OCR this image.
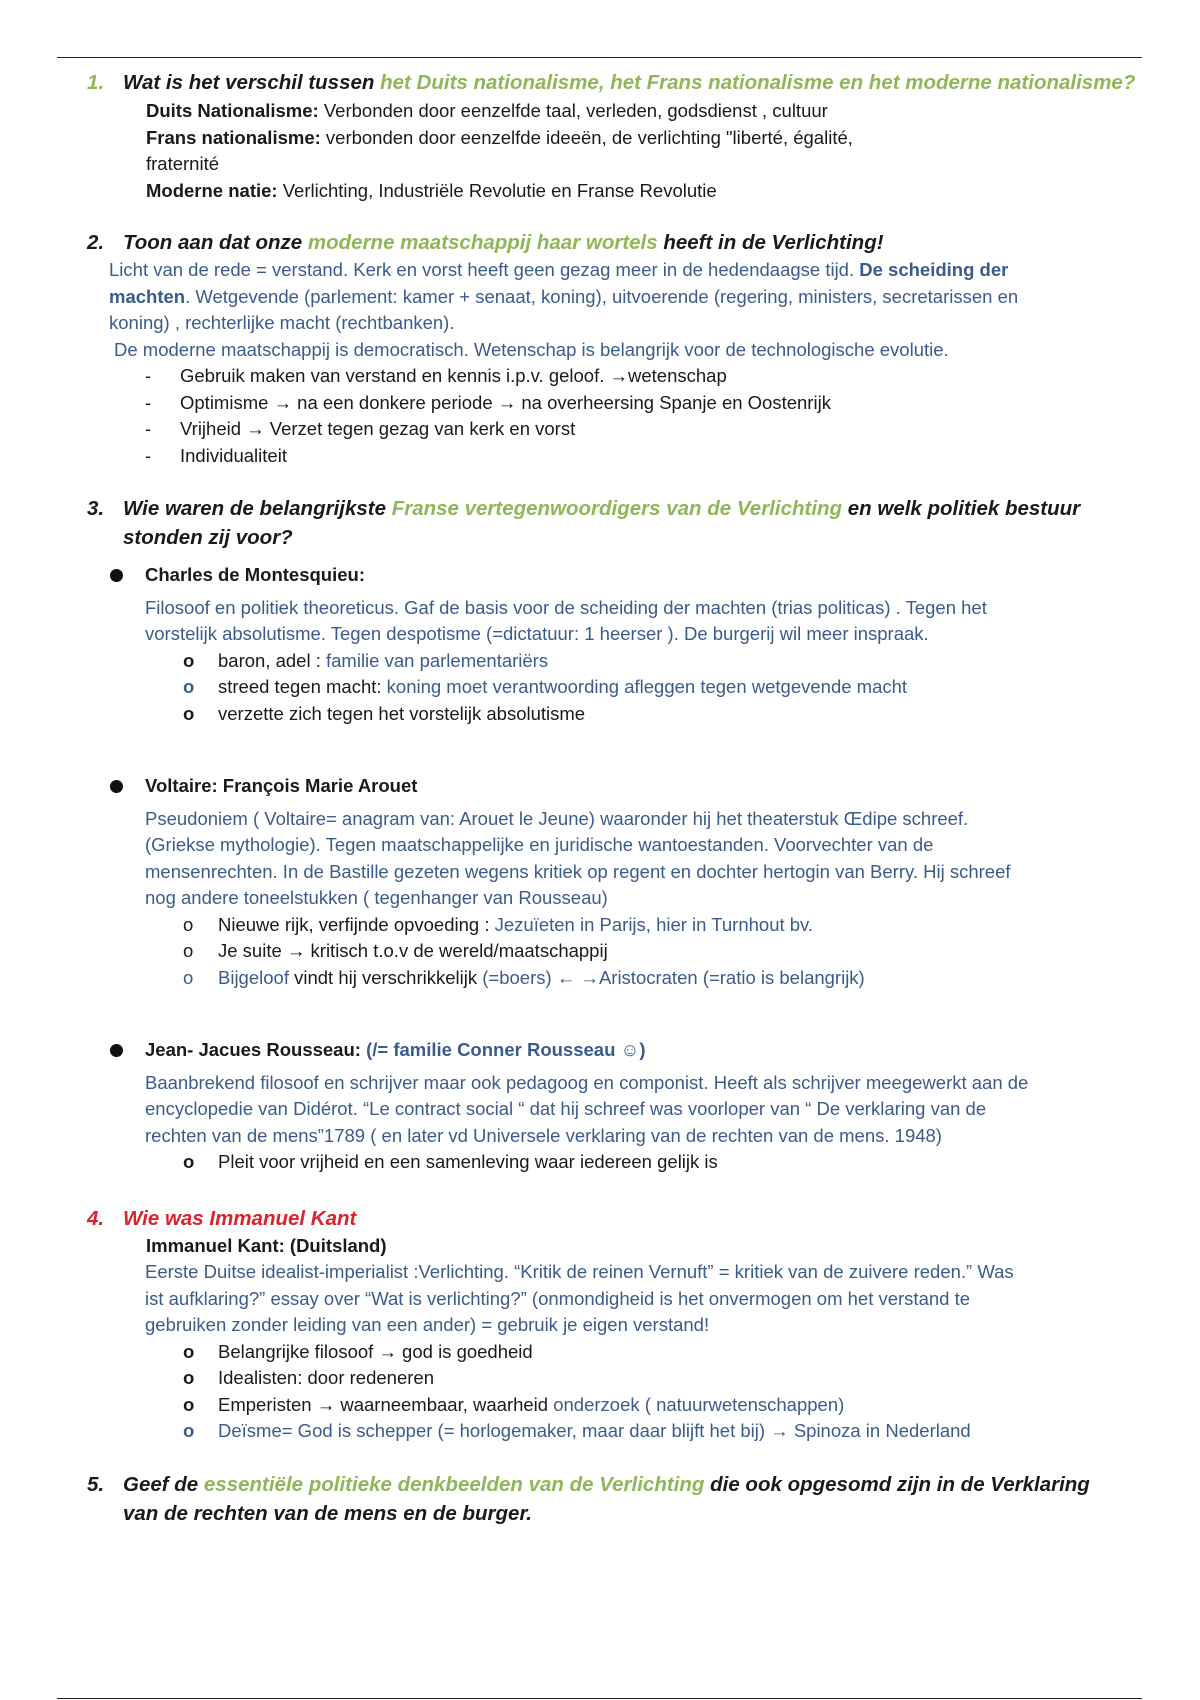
1. Wat is het verschil tussen het Duits nationalisme, het Frans nationalisme en het moderne nationalisme?
Duits Nationalisme: Verbonden door eenzelfde taal, verleden, godsdienst , cultuur
Frans nationalisme: verbonden door eenzelfde ideeën, de verlichting "liberté, égalité,
fraternité
Moderne natie: Verlichting, Industriële Revolutie en Franse Revolutie
2. Toon aan dat onze moderne maatschappij haar wortels heeft in de Verlichting!
Licht van de rede = verstand. Kerk en vorst heeft geen gezag meer in de hedendaagse tijd. De scheiding der
machten. Wetgevende (parlement: kamer + senaat, koning), uitvoerende (regering, ministers, secretarissen en
koning) , rechterlijke macht (rechtbanken).
De moderne maatschappij is democratisch. Wetenschap is belangrijk voor de technologische evolutie.
- Gebruik maken van verstand en kennis i.p.v. geloof. →wetenschap
- Optimisme → na een donkere periode → na overheersing Spanje en Oostenrijk
- Vrijheid → Verzet tegen gezag van kerk en vorst
- Individualiteit
3. Wie waren de belangrijkste Franse vertegenwoordigers van de Verlichting en welk politiek bestuur
stonden zij voor?
Charles de Montesquieu:
Filosoof en politiek theoreticus. Gaf de basis voor de scheiding der machten (trias politicas) . Tegen het
vorstelijk absolutisme. Tegen despotisme (=dictatuur: 1 heerser ). De burgerij wil meer inspraak.
o baron, adel : familie van parlementariërs
o streed tegen macht: koning moet verantwoording afleggen tegen wetgevende macht
o verzette zich tegen het vorstelijk absolutisme
Voltaire: François Marie Arouet
Pseudoniem ( Voltaire= anagram van: Arouet le Jeune) waaronder hij het theaterstuk Œdipe schreef.
(Griekse mythologie). Tegen maatschappelijke en juridische wantoestanden. Voorvechter van de
mensenrechten. In de Bastille gezeten wegens kritiek op regent en dochter hertogin van Berry. Hij schreef
nog andere toneelstukken ( tegenhanger van Rousseau)
o Nieuwe rijk, verfijnde opvoeding : Jezuïeten in Parijs, hier in Turnhout bv.
o Je suite → kritisch t.o.v de wereld/maatschappij
o Bijgeloof vindt hij verschrikkelijk (=boers) ← →Aristocraten (=ratio is belangrijk)
Jean- Jacues Rousseau: (/= familie Conner Rousseau ☺)
Baanbrekend filosoof en schrijver maar ook pedagoog en componist. Heeft als schrijver meegewerkt aan de
encyclopedie van Didérot. “Le contract social “ dat hij schreef was voorloper van “ De verklaring van de
rechten van de mens”1789 ( en later vd Universele verklaring van de rechten van de mens. 1948)
o Pleit voor vrijheid en een samenleving waar iedereen gelijk is
4. Wie was Immanuel Kant
Immanuel Kant: (Duitsland)
Eerste Duitse idealist-imperialist :Verlichting. “Kritik de reinen Vernuft” = kritiek van de zuivere reden.” Was
ist aufklaring?” essay over “Wat is verlichting?” (onmondigheid is het onvermogen om het verstand te
gebruiken zonder leiding van een ander) = gebruik je eigen verstand!
o Belangrijke filosoof → god is goedheid
o Idealisten: door redeneren
o Emperisten → waarneembaar, waarheid onderzoek ( natuurwetenschappen)
o Deïsme= God is schepper (= horlogemaker, maar daar blijft het bij) → Spinoza in Nederland
5. Geef de essentiële politieke denkbeelden van de Verlichting die ook opgesomd zijn in de Verklaring
van de rechten van de mens en de burger.
